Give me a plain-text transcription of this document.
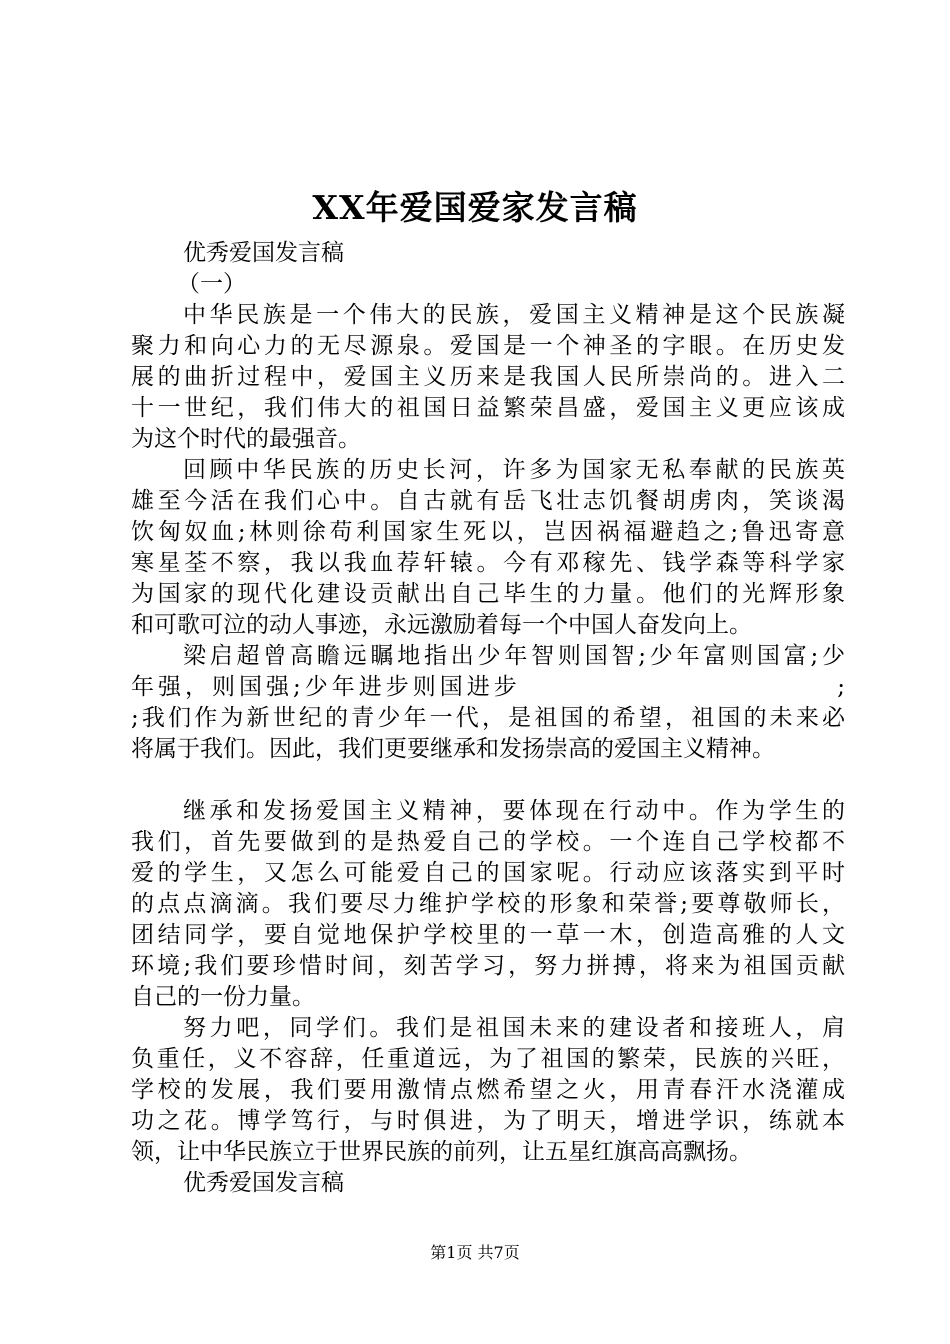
XX年爱国爱家发言稿
优秀爱国发言稿
（一）
中华民族是一个伟大的民族，爱国主义精神是这个民族凝
聚力和向心力的无尽源泉。爱国是一个神圣的字眼。在历史发
展的曲折过程中，爱国主义历来是我国人民所崇尚的。进入二
十一世纪，我们伟大的祖国日益繁荣昌盛，爱国主义更应该成
为这个时代的最强音。
回顾中华民族的历史长河，许多为国家无私奉献的民族英
雄至今活在我们心中。自古就有岳飞壮志饥餐胡虏肉，笑谈渴
饮匈奴血;林则徐苟利国家生死以，岂因祸福避趋之;鲁迅寄意
寒星荃不察，我以我血荐轩辕。今有邓稼先、钱学森等科学家
为国家的现代化建设贡献出自己毕生的力量。他们的光辉形象
和可歌可泣的动人事迹，永远激励着每一个中国人奋发向上。
梁启超曾高瞻远瞩地指出少年智则国智;少年富则国富;少
年强，则国强;少年进步则国进步	;
;我们作为新世纪的青少年一代，是祖国的希望，祖国的未来必
将属于我们。因此，我们更要继承和发扬崇高的爱国主义精神。
继承和发扬爱国主义精神，要体现在行动中。作为学生的
我们，首先要做到的是热爱自己的学校。一个连自己学校都不
爱的学生，又怎么可能爱自己的国家呢。行动应该落实到平时
的点点滴滴。我们要尽力维护学校的形象和荣誉;要尊敬师长，
团结同学，要自觉地保护学校里的一草一木，创造高雅的人文
环境;我们要珍惜时间，刻苦学习，努力拼搏，将来为祖国贡献
自己的一份力量。
努力吧，同学们。我们是祖国未来的建设者和接班人，肩
负重任，义不容辞，任重道远，为了祖国的繁荣，民族的兴旺，
学校的发展，我们要用激情点燃希望之火，用青春汗水浇灌成
功之花。博学笃行，与时俱进，为了明天，增进学识，练就本
领，让中华民族立于世界民族的前列，让五星红旗高高飘扬。
优秀爱国发言稿
第1页 共7页
